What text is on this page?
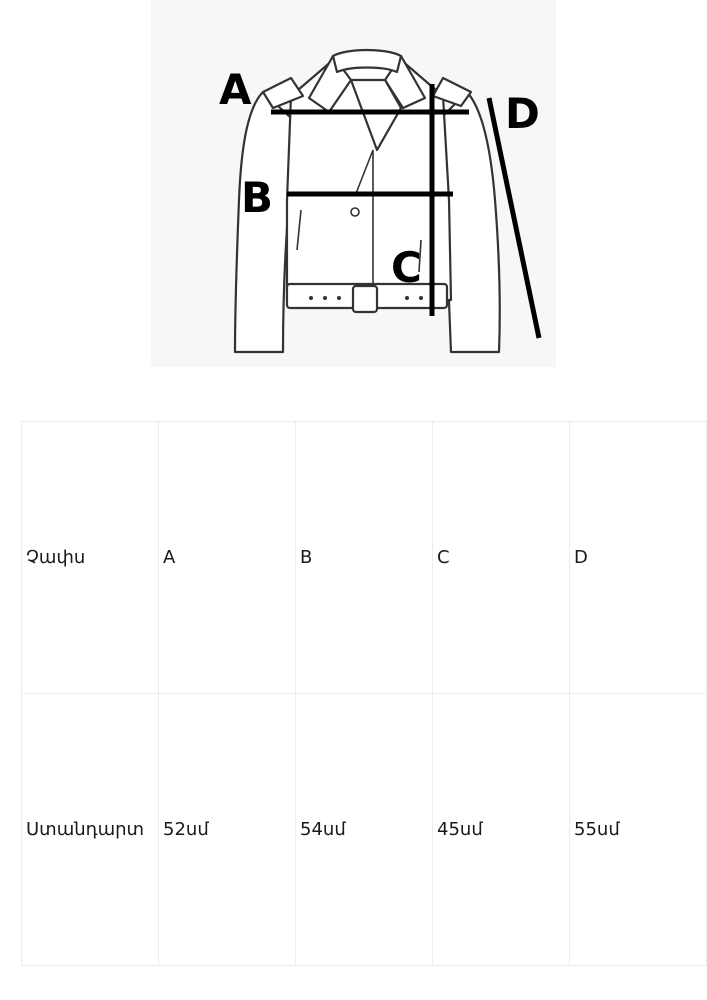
A
B
C
D
Չափս	A	B	C	D
Ստանդարտ	52սմ	54սմ	45սմ	55սմ
